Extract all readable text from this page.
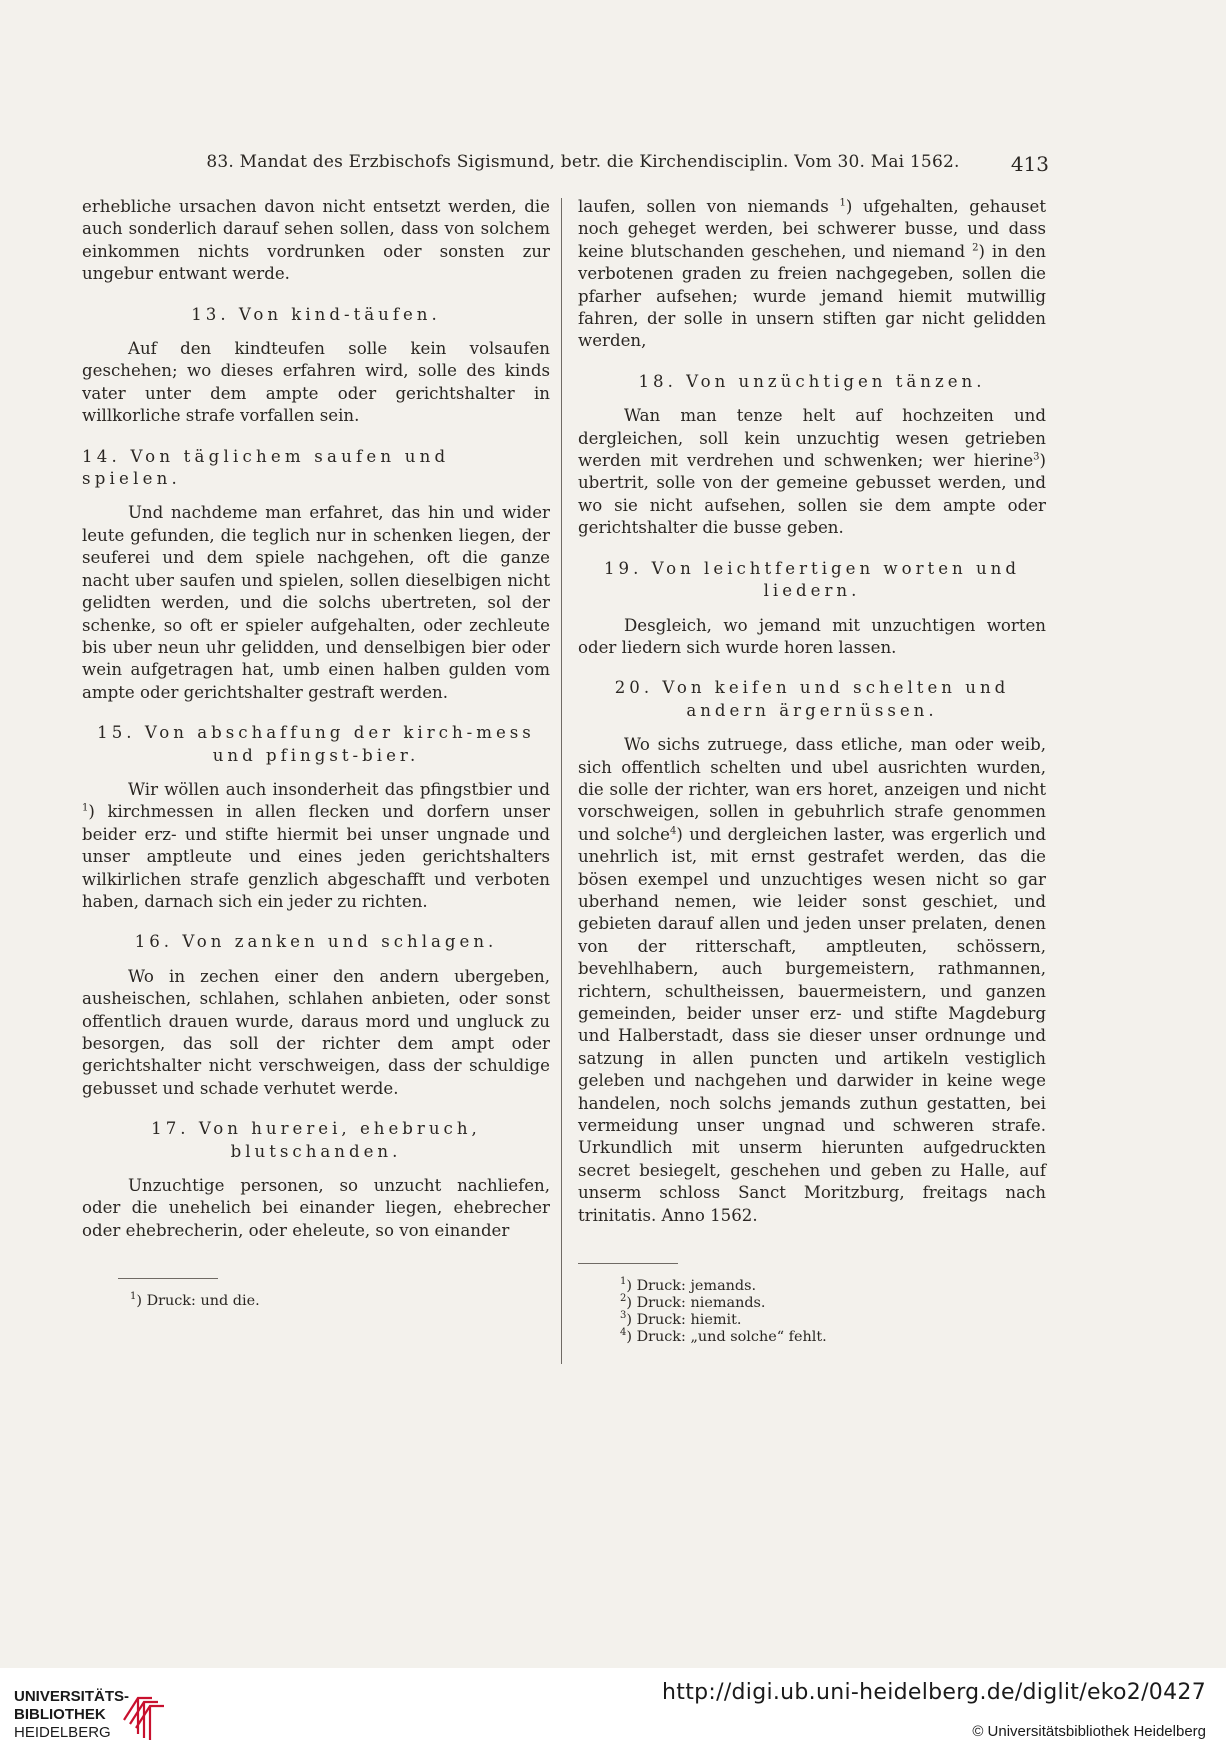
83. Mandat des Erzbischofs Sigismund, betr. die Kirchendisciplin. Vom 30. Mai 1562.	413

erhebliche ursachen davon nicht entsetzt werden, die auch sonderlich darauf sehen sollen, dass von solchem einkommen nichts vordrunken oder sonsten zur ungebur entwant werde.

13. Von kind-täufen.

Auf den kindteufen solle kein volsaufen geschehen; wo dieses erfahren wird, solle des kinds vater unter dem ampte oder gerichtshalter in willkorliche strafe vorfallen sein.

14. Von täglichem saufen und spielen.

Und nachdeme man erfahret, das hin und wider leute gefunden, die teglich nur in schenken liegen, der seuferei und dem spiele nachgehen, oft die ganze nacht uber saufen und spielen, sollen dieselbigen nicht gelidten werden, und die solchs ubertreten, sol der schenke, so oft er spieler aufgehalten, oder zechleute bis uber neun uhr gelidden, und denselbigen bier oder wein aufgetragen hat, umb einen halben gulden vom ampte oder gerichtshalter gestraft werden.

15. Von abschaffung der kirch-mess und pfingst-bier.

Wir wöllen auch insonderheit das pfingstbier und $^1$) kirchmessen in allen flecken und dorfern unser beider erz- und stifte hiermit bei unser ungnade und unser amptleute und eines jeden gerichtshalters wilkirlichen strafe genzlich abgeschafft und verboten haben, darnach sich ein jeder zu richten.

16. Von zanken und schlagen.

Wo in zechen einer den andern ubergeben, ausheischen, schlahen, schlahen anbieten, oder sonst offentlich drauen wurde, daraus mord und ungluck zu besorgen, das soll der richter dem ampt oder gerichtshalter nicht verschweigen, dass der schuldige gebusset und schade verhutet werde.

17. Von hurerei, ehebruch, blutschanden.

Unzuchtige personen, so unzucht nachliefen, oder die unehelich bei einander liegen, ehebrecher oder ehebrecherin, oder eheleute, so von einander

$^1$) Druck: und die.

laufen, sollen von niemands $^1$) ufgehalten, gehauset noch geheget werden, bei schwerer busse, und dass keine blutschanden geschehen, und niemand $^2$) in den verbotenen graden zu freien nachgegeben, sollen die pfarher aufsehen; wurde jemand hiemit mutwillig fahren, der solle in unsern stiften gar nicht gelidden werden,

18. Von unzüchtigen tänzen.

Wan man tenze helt auf hochzeiten und dergleichen, soll kein unzuchtig wesen getrieben werden mit verdrehen und schwenken; wer hierine$^3$) ubertrit, solle von der gemeine gebusset werden, und wo sie nicht aufsehen, sollen sie dem ampte oder gerichtshalter die busse geben.

19. Von leichtfertigen worten und liedern.

Desgleich, wo jemand mit unzuchtigen worten oder liedern sich wurde horen lassen.

20. Von keifen und schelten und andern ärgernüssen.

Wo sichs zutruege, dass etliche, man oder weib, sich offentlich schelten und ubel ausrichten wurden, die solle der richter, wan ers horet, anzeigen und nicht vorschweigen, sollen in gebuhrlich strafe genommen und solche$^4$) und dergleichen laster, was ergerlich und unehrlich ist, mit ernst gestrafet werden, das die bösen exempel und unzuchtiges wesen nicht so gar uberhand nemen, wie leider sonst geschiet, und gebieten darauf allen und jeden unser prelaten, denen von der ritterschaft, amptleuten, schössern, bevehlhabern, auch burgemeistern, rathmannen, richtern, schultheissen, bauermeistern, und ganzen gemeinden, beider unser erz- und stifte Magdeburg und Halberstadt, dass sie dieser unser ordnunge und satzung in allen puncten und artikeln vestiglich geleben und nachgehen und darwider in keine wege handelen, noch solchs jemands zuthun gestatten, bei vermeidung unser ungnad und schweren strafe. Urkundlich mit unserm hierunten aufgedruckten secret besiegelt, geschehen und geben zu Halle, auf unserm schloss Sanct Moritzburg, freitags nach trinitatis. Anno 1562.

$^1$) Druck: jemands.
$^2$) Druck: niemands.
$^3$) Druck: hiemit.
$^4$) Druck: „und solche“ fehlt.
UNIVERSITÄTS-
BIBLIOTHEK
HEIDELBERG
http://digi.ub.uni-heidelberg.de/diglit/eko2/0427
© Universitätsbibliothek Heidelberg
